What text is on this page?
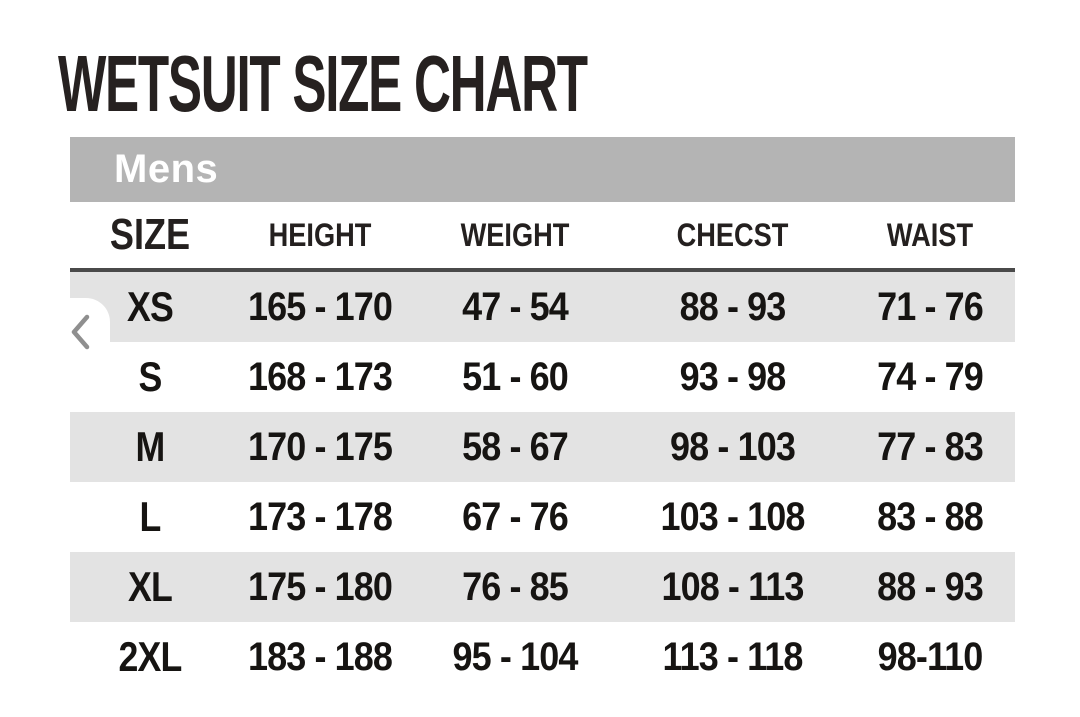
WETSUIT SIZE CHART
Mens
SIZE	HEIGHT	WEIGHT	CHECST	WAIST
XS	165 - 170	47 - 54	88 - 93	71 - 76
S	168 - 173	51 - 60	93 - 98	74 - 79
M	170 - 175	58 - 67	98 - 103	77 - 83
L	173 - 178	67 - 76	103 - 108	83 - 88
XL	175 - 180	76 - 85	108 - 113	88 - 93
2XL	183 - 188	95 - 104	113 - 118	98-110
